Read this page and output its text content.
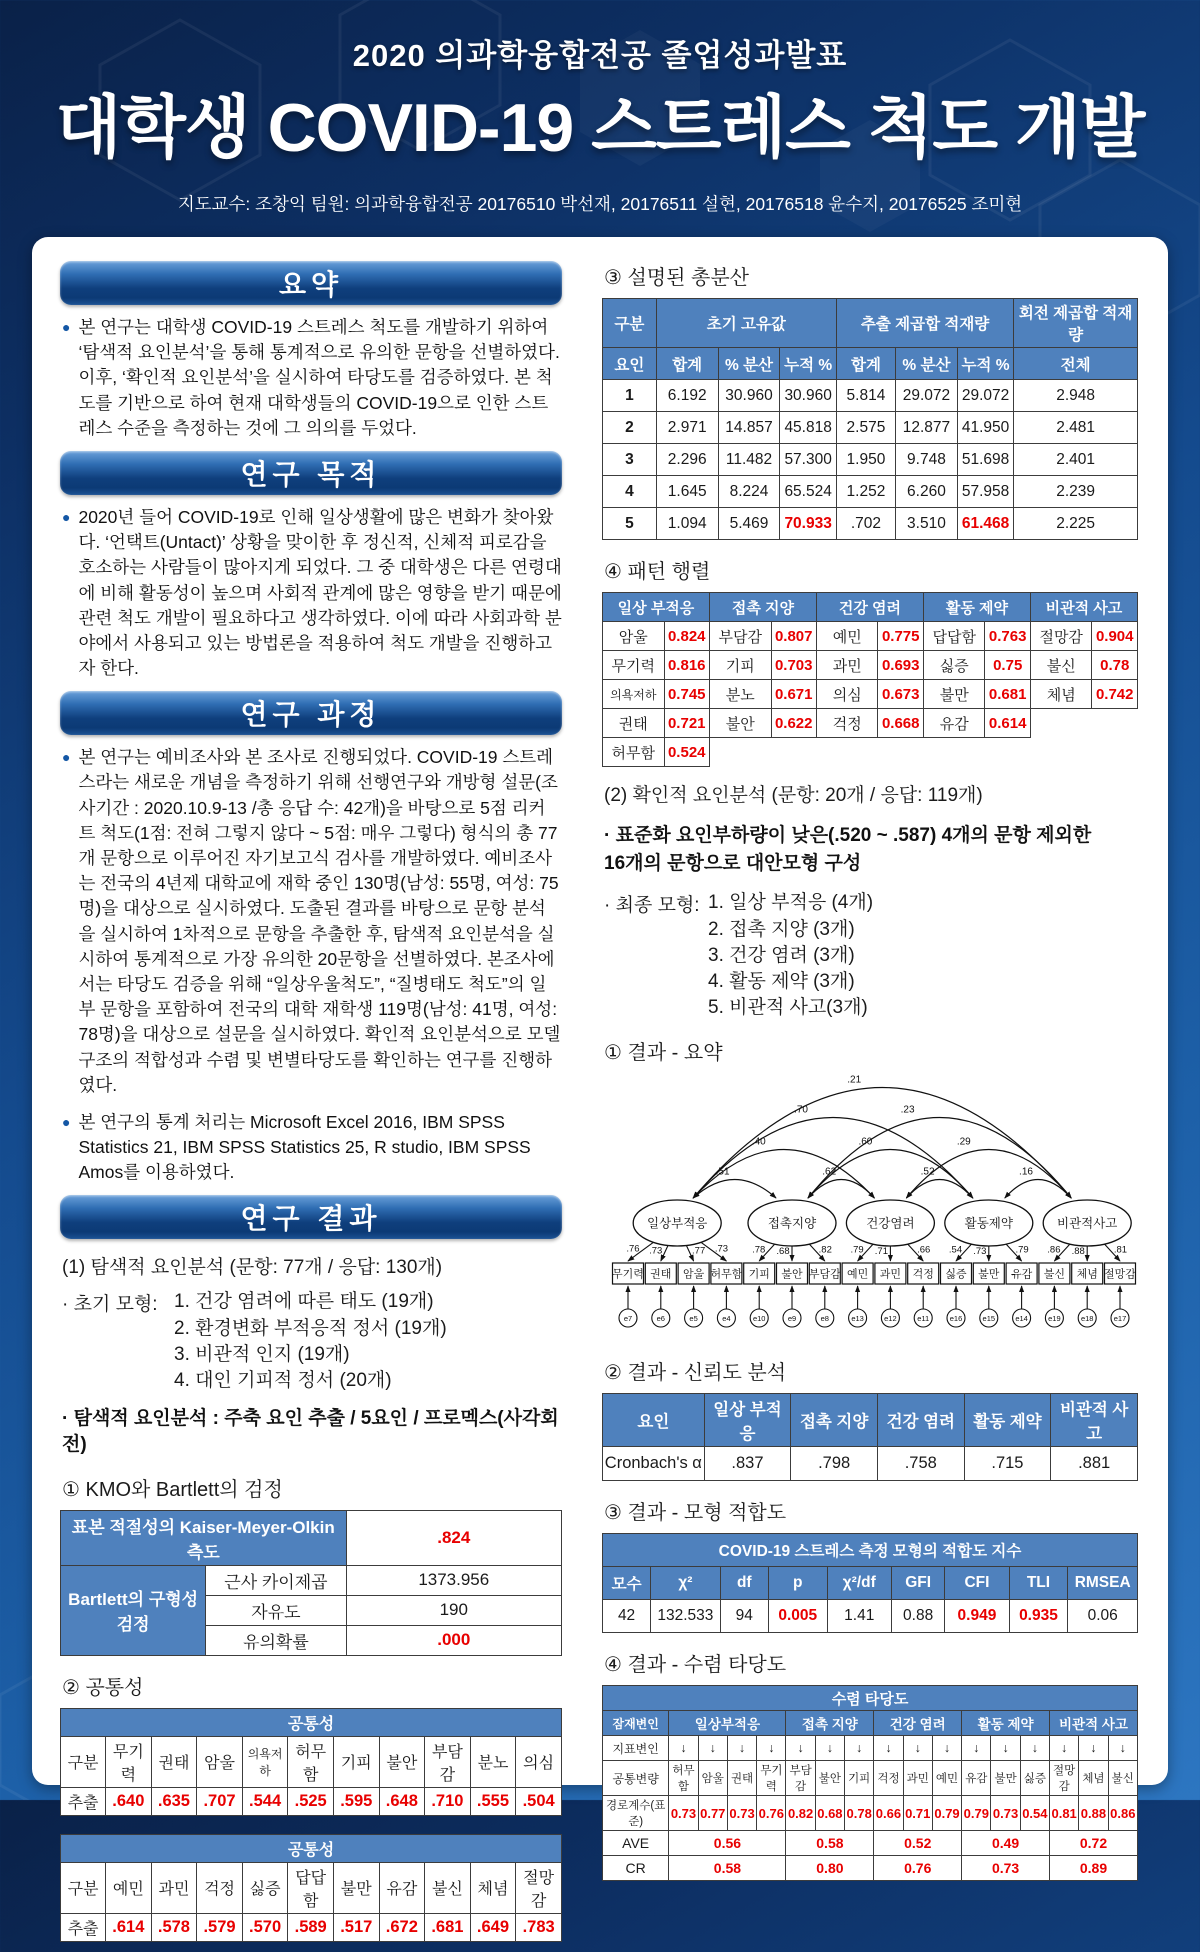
2020 의과학융합전공 졸업성과발표
대학생 COVID-19 스트레스 척도 개발
지도교수: 조창익 팀원: 의과학융합전공 20176510 박선재, 20176511 설현, 20176518 윤수지, 20176525 조미현
요약
●

본 연구는 대학생 COVID-19 스트레스 척도를 개발하기 위하여 ‘탐색적 요인분석’을 통해 통계적으로 유의한 문항을 선별하였다. 이후, ‘확인적 요인분석’을 실시하여 타당도를 검증하였다. 본 척도를 기반으로 하여 현재 대학생들의 COVID-19으로 인한 스트레스 수준을 측정하는 것에 그 의의를 두었다.

연구 목적
●

2020년 들어 COVID-19로 인해 일상생활에 많은 변화가 찾아왔다. ‘언택트(Untact)’ 상황을 맞이한 후 정신적, 신체적 피로감을 호소하는 사람들이 많아지게 되었다. 그 중 대학생은 다른 연령대에 비해 활동성이 높으며 사회적 관계에 많은 영향을 받기 때문에 관련 척도 개발이 필요하다고 생각하였다. 이에 따라 사회과학 분야에서 사용되고 있는 방법론을 적용하여 척도 개발을 진행하고자 한다.

연구 과정
●

본 연구는 예비조사와 본 조사로 진행되었다. COVID-19 스트레스라는 새로운 개념을 측정하기 위해 선행연구와 개방형 설문(조사기간 : 2020.10.9-13 /총 응답 수: 42개)을 바탕으로 5점 리커트 척도(1점: 전혀 그렇지 않다 ~ 5점: 매우 그렇다) 형식의 총 77개 문항으로 이루어진 자기보고식 검사를 개발하였다. 예비조사는 전국의 4년제 대학교에 재학 중인 130명(남성: 55명, 여성: 75명)을 대상으로 실시하였다. 도출된 결과를 바탕으로 문항 분석을 실시하여 1차적으로 문항을 추출한 후, 탐색적 요인분석을 실시하여 통계적으로 가장 유의한 20문항을 선별하였다. 본조사에서는 타당도 검증을 위해 “일상우울척도”, “질병태도 척도”의 일부 문항을 포함하여 전국의 대학 재학생 119명(남성: 41명, 여성: 78명)을 대상으로 설문을 실시하였다. 확인적 요인분석으로 모델 구조의 적합성과 수렴 및 변별타당도를 확인하는 연구를 진행하였다.

●

본 연구의 통계 처리는 Microsoft Excel 2016, IBM SPSS Statistics 21, IBM SPSS Statistics 25, R studio, IBM SPSS Amos를 이용하였다.

연구 결과
(1) 탐색적 요인분석 (문항: 77개 / 응답: 130개)
· 초기 모형: 1. 건강 염려에 따른 태도 (19개)
2. 환경변화 부적응적 정서 (19개)
3. 비관적 인지 (19개)
4. 대인 기피적 정서 (20개)
· 탐색적 요인분석 : 주축 요인 추출 / 5요인 / 프로멕스(사각회전)
① KMO와 Bartlett의 검정
표본 적절성의 Kaiser-Meyer-Olkin 측도		.824
Bartlett의 구형성 검정	근사 카이제곱	1373.956
	자유도	190
	유의확률	.000
② 공통성
공통성										
구분	무기력	권태	암울	의욕저하	허무함	기피	불안	부담감	분노	의심
추출	.640	.635	.707	.544	.525	.595	.648	.710	.555	.504
공통성										
구분	예민	과민	걱정	싫증	답답함	불만	유감	불신	체념	절망감
추출	.614	.578	.579	.570	.589	.517	.672	.681	.649	.783
③ 설명된 총분산
구분	초기 고유값			추출 제곱합 적재량			회전 제곱합 적재량
요인	합계	% 분산	누적 %	합계	% 분산	누적 %	전체
1	6.192	30.960	30.960	5.814	29.072	29.072	2.948
2	2.971	14.857	45.818	2.575	12.877	41.950	2.481
3	2.296	11.482	57.300	1.950	9.748	51.698	2.401
4	1.645	8.224	65.524	1.252	6.260	57.958	2.239
5	1.094	5.469	70.933	.702	3.510	61.468	2.225
④ 패턴 행렬
일상 부적응		접촉 지양		건강 염려		활동 제약		비관적 사고	
암울	0.824	부담감	0.807	예민	0.775	답답함	0.763	절망감	0.904
무기력	0.816	기피	0.703	과민	0.693	싫증	0.75	불신	0.78
의욕저하	0.745	분노	0.671	의심	0.673	불만	0.681	체념	0.742
권태	0.721	불안	0.622	걱정	0.668	유감	0.614		
허무함	0.524								
(2) 확인적 요인분석 (문항: 20개 / 응답: 119개)
· 표준화 요인부하량이 낮은(.520 ~ .587) 4개의 문항 제외한
16개의 문항으로 대안모형 구성
· 최종 모형: 1. 일상 부적응 (4개)
2. 접촉 지양 (3개)
3. 건강 염려 (3개)
4. 활동 제약 (3개)
5. 비관적 사고(3개)
① 결과 - 요약
.21
.70	.23
.40	.60	.29
.51	.62	.52	.16
일상부적응
.76
무기력
e7
.73
권태
e6
.77
암울
e5
.73
허무함
e4
접촉지양
.78
기피
e10
.68
불안
e9
.82
부담감
e8
건강염려
.79
예민
e13
.71
과민
e12
.66
걱정
e11
활동제약
.54
싫증
e16
.73
불만
e15
.79
유감
e14
비관적사고
.86
불신
e19
.88
체념
e18
.81
절망감
e17
② 결과 - 신뢰도 분석
요인	일상 부적응	접촉 지양	건강 염려	활동 제약	비관적 사고
Cronbach's α	.837	.798	.758	.715	.881
③ 결과 - 모형 적합도
COVID-19 스트레스 측정 모형의 적합도 지수								
모수	χ²	df	p	χ²/df	GFI	CFI	TLI	RMSEA
42	132.533	94	0.005	1.41	0.88	0.949	0.935	0.06
④ 결과 - 수렴 타당도
수렴 타당도																
잠재변인	일상부적응				접촉 지양			건강 염려			활동 제약			비관적 사고		
지표변인	↓	↓	↓	↓	↓	↓	↓	↓	↓	↓	↓	↓	↓	↓	↓	↓
공통변량	허무함	암울	권태	무기력	부담감	불안	기피	걱정	과민	예민	유감	불만	싫증	절망감	체념	불신
경로계수(표준)	0.73	0.77	0.73	0.76	0.82	0.68	0.78	0.66	0.71	0.79	0.79	0.73	0.54	0.81	0.88	0.86
AVE	0.56				0.58			0.52			0.49			0.72		
CR	0.58				0.80			0.76			0.73			0.89		
